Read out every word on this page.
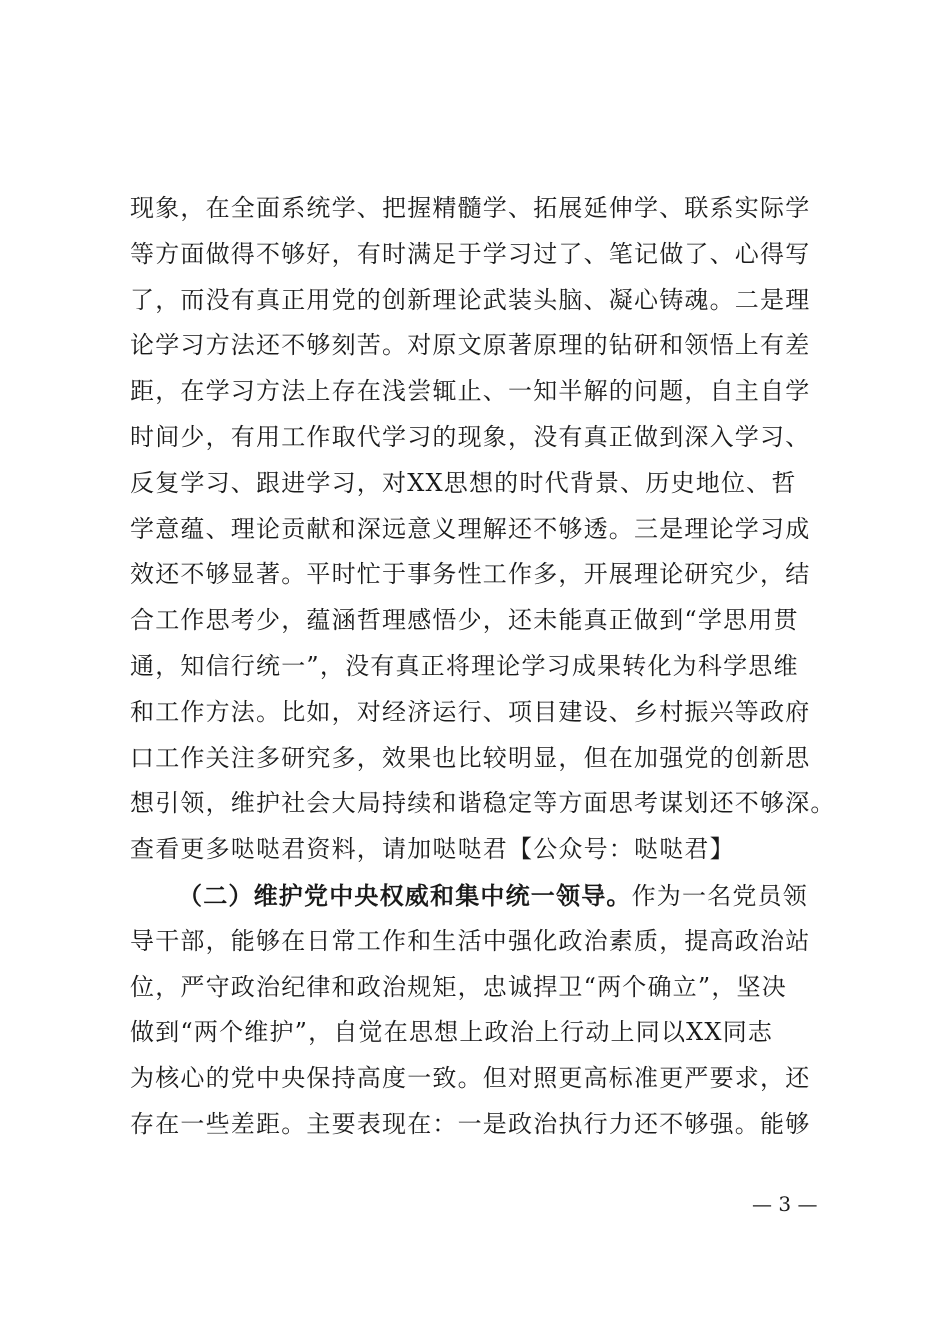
现象，在全面系统学、把握精髓学、拓展延伸学、联系实际学
等方面做得不够好，有时满足于学习过了、笔记做了、心得写
了，而没有真正用党的创新理论武装头脑、凝心铸魂。二是理
论学习方法还不够刻苦。对原文原著原理的钻研和领悟上有差
距，在学习方法上存在浅尝辄止、一知半解的问题，自主自学
时间少，有用工作取代学习的现象，没有真正做到深入学习、
反复学习、跟进学习，对XX思想的时代背景、历史地位、哲
学意蕴、理论贡献和深远意义理解还不够透。三是理论学习成
效还不够显著。平时忙于事务性工作多，开展理论研究少，结
合工作思考少，蕴涵哲理感悟少，还未能真正做到“学思用贯
通，知信行统一”，没有真正将理论学习成果转化为科学思维
和工作方法。比如，对经济运行、项目建设、乡村振兴等政府
口工作关注多研究多，效果也比较明显，但在加强党的创新思
想引领，维护社会大局持续和谐稳定等方面思考谋划还不够深。
查看更多哒哒君资料，请加哒哒君【公众号：哒哒君】
（二）维护党中央权威和集中统一领导。作为一名党员领
导干部，能够在日常工作和生活中强化政治素质，提高政治站
位，严守政治纪律和政治规矩，忠诚捍卫“两个确立”，坚决
做到“两个维护”，自觉在思想上政治上行动上同以XX同志
为核心的党中央保持高度一致。但对照更高标准更严要求，还
存在一些差距。主要表现在：一是政治执行力还不够强。能够
— 3 —
